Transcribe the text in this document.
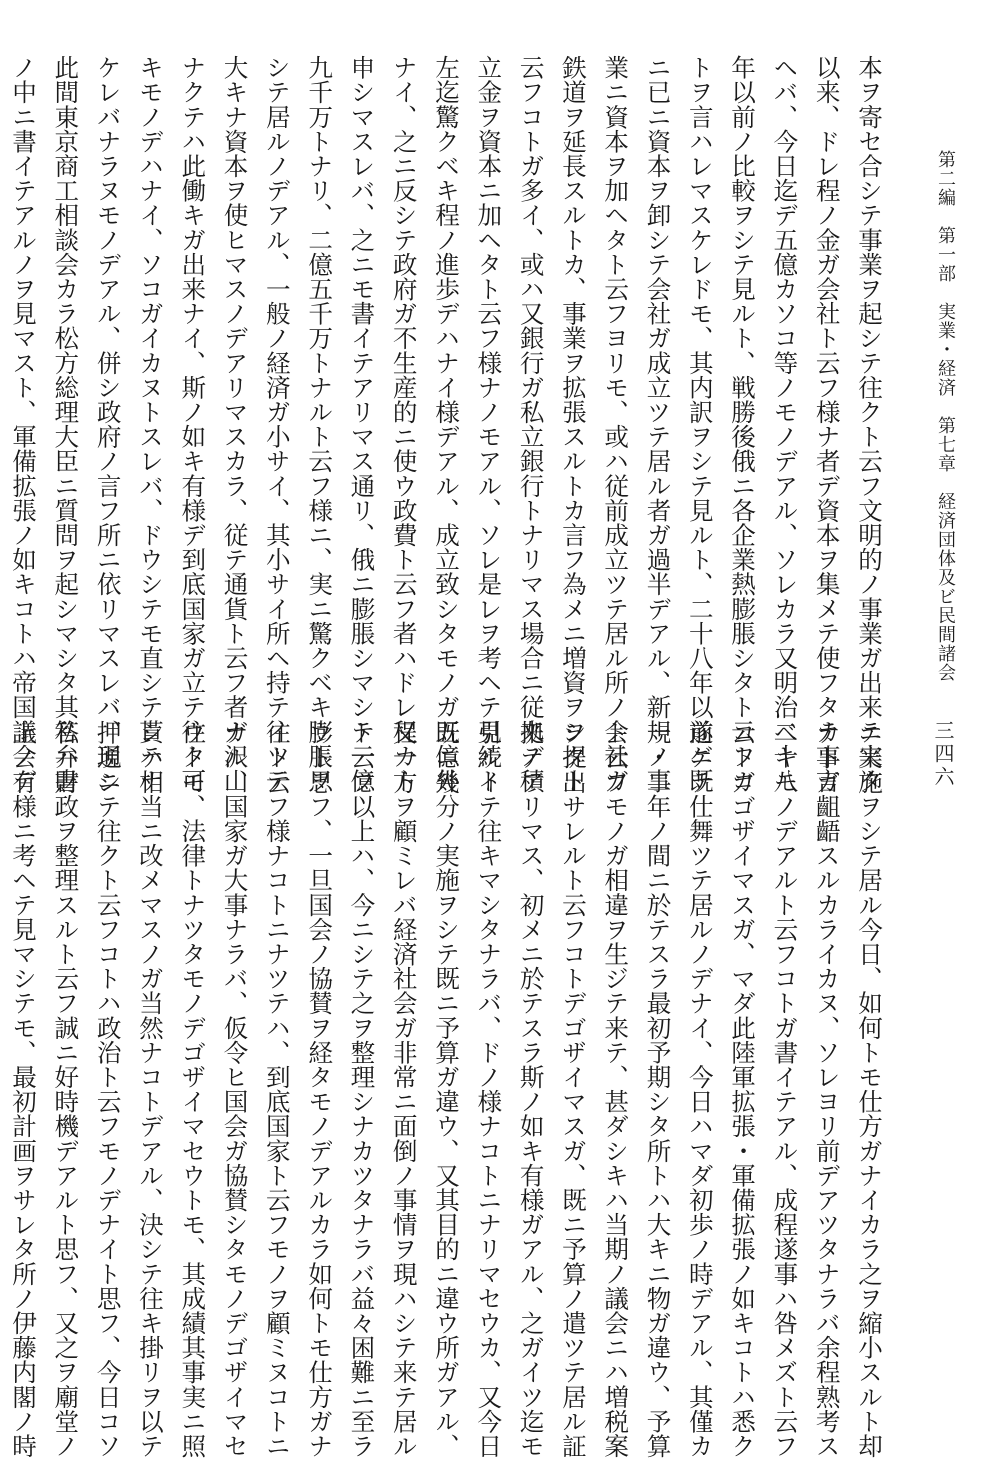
第二編　第一部　実業・経済　第七章　経済団体及ビ民間諸会
三四六
本ヲ寄セ合シテ事業ヲ起シテ往クト云フ文明的ノ事業ガ出来テ来タ
以来、ドレ程ノ金ガ会社ト云フ様ナ者デ資本ヲ集メテ使フタカト言
ヘバ、今日迄デ五億カソコ等ノモノデアル、ソレカラ又明治二十八
年以前ノ比較ヲシテ見ルト、戦勝後俄ニ各企業熱膨脹シタト云フコ
トヲ言ハレマスケレドモ、其内訳ヲシテ見ルト、二十八年以前ニ既
ニ已ニ資本ヲ卸シテ会社ガ成立ツテ居ル者ガ過半デアル、新規ノ事
業ニ資本ヲ加ヘタト云フヨリモ、或ハ従前成立ツテ居ル所ノ会社ガ
鉄道ヲ延長スルトカ、事業ヲ拡張スルトカ言フ為メニ増資ヲシタト
云フコトガ多イ、或ハ又銀行ガ私立銀行トナリマス場合ニ従来ノ積
立金ヲ資本ニ加ヘタト云フ様ナノモアル、ソレ是レヲ考ヘテ見ルト
左迄驚クベキ程ノ進歩デハナイ様デアル、成立致シタモノガ五億外
ナイ、之ニ反シテ政府ガ不生産的ニ使ウ政費ト云フ者ハドレ程カト
申シマスレバ、之ニモ書イテアリマス通リ、俄ニ膨脹シマシテ一億
九千万トナリ、二億五千万トナルト云フ様ニ、実ニ驚クベキ膨脹ヲ
シテ居ルノデアル、一般ノ経済ガ小サイ、其小サイ所ヘ持テ往ツテ
大キナ資本ヲ使ヒマスノデアリマスカラ、従テ通貨ト云フ者ガ沢山
ナクテハ此働キガ出来ナイ、斯ノ如キ有様デ到底国家ガ立テ往ク可
キモノデハナイ、ソコガイカヌトスレバ、ドウシテモ直シテ貰ハナ
ケレバナラヌモノデアル、併シ政府ノ言フ所ニ依リマスレバ、現ニ
此間東京商工相談会カラ松方総理大臣ニ質問ヲ起シマシタ其答弁書
ノ中ニ書イテアルノヲ見マスト、軍備拡張ノ如キコトハ帝国議会デ
ニ実施ヲシテ居ル今日、如何トモ仕方ガナイカラ之ヲ縮小スルト却
テ事ガ齟齬スルカライカヌ、ソレヨリ前デアツタナラバ余程熟考ス
ベキモノデアルト云フコトガ書イテアル、成程遂事ハ咎メズト云フ
コトガゴザイマスガ、マダ此陸軍拡張・軍備拡張ノ如キコトハ悉ク
遂ゲテ仕舞ツテ居ルノデナイ、今日ハマダ初歩ノ時デアル、其僅カ
一・二年ノ間ニ於テスラ最初予期シタ所トハ大キニ物ガ違ウ、予算
ト云フモノガ相違ヲ生ジテ来テ、甚ダシキハ当期ノ議会ニハ増税案
ヲ提出サレルト云フコトデゴザイマスガ、既ニ予算ノ遣ツテ居ル証
拠デアリマス、初メニ於テスラ斯ノ如キ有様ガアル、之ガイツ迄モ
引続イテ往キマシタナラバ、ドノ様ナコトニナリマセウカ、又今日
既ニ幾分ノ実施ヲシテ既ニ予算ガ違ウ、又其目的ニ違ウ所ガアル、
又一方ヲ顧ミレバ経済社会ガ非常ニ面倒ノ事情ヲ現ハシテ来テ居ル
ト云フ以上ハ、今ニシテ之ヲ整理シナカツタナラバ益々困難ニ至ラ
ウト思フ、一旦国会ノ協賛ヲ経タモノデアルカラ如何トモ仕方ガナ
イト云フ様ナコトニナツテハ、到底国家ト云フモノヲ顧ミヌコトニ
ナル、国家ガ大事ナラバ、仮令ヒ国会ガ協賛シタモノデゴザイマセ
ウトモ、法律トナツタモノデゴザイマセウトモ、其成績其事実ニ照
シテ相当ニ改メマスノガ当然ナコトデアル、決シテ往キ掛リヲ以テ
押通シテ往クト云フコトハ政治ト云フモノデナイト思フ、今日コソ
私ハ財政ヲ整理スルト云フ誠ニ好時機デアルト思フ、又之ヲ廟堂ノ
上ノ有様ニ考ヘテ見マシテモ、最初計画ヲサレタ所ノ伊藤内閣ノ時
